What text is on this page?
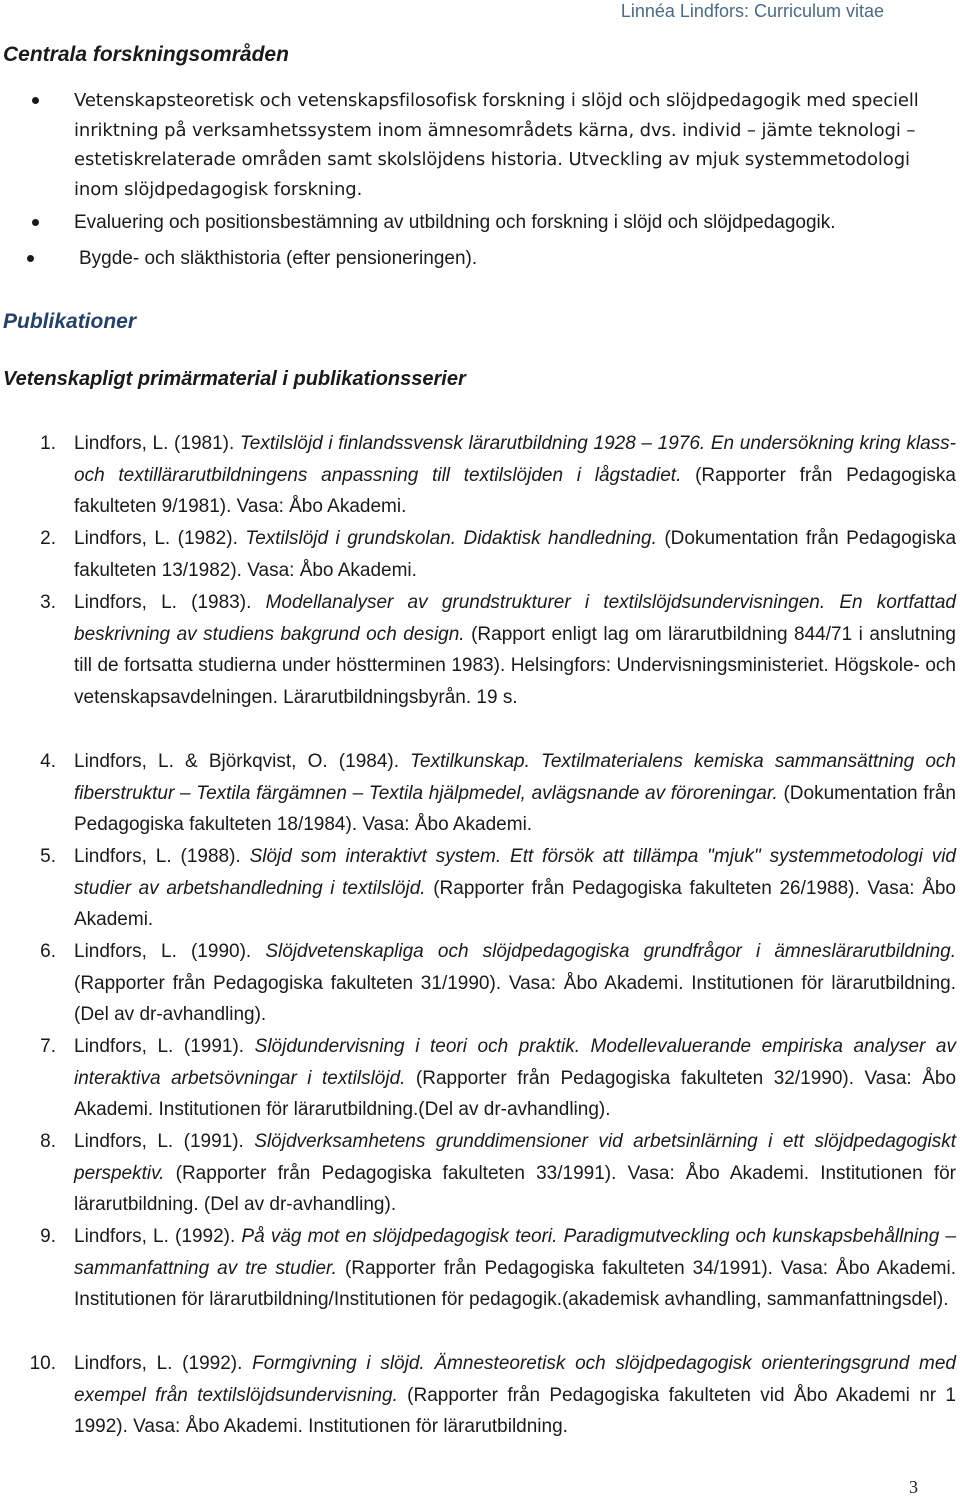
Linnéa Lindfors: Curriculum vitae
Centrala forskningsområden
Vetenskapsteoretisk och vetenskapsfilosofisk forskning i slöjd och slöjdpedagogik med speciell inriktning på verksamhetssystem inom ämnesområdets kärna, dvs. individ – jämte teknologi – estetiskrelaterade områden samt skolslöjdens historia. Utveckling av mjuk systemmetodologi inom slöjdpedagogisk forskning.
Evaluering och positionsbestämning av utbildning och forskning i slöjd och slöjdpedagogik.
Bygde- och släkthistoria (efter pensioneringen).
Publikationer
Vetenskapligt primärmaterial i publikationsserier
1. Lindfors, L. (1981). Textilslöjd i finlandssvensk lärarutbildning 1928 – 1976. En undersökning kring klass- och textillärarutbildningens anpassning till textilslöjden i lågstadiet. (Rapporter från Pedagogiska fakulteten 9/1981). Vasa: Åbo Akademi.
2. Lindfors, L. (1982). Textilslöjd i grundskolan. Didaktisk handledning. (Dokumentation från Pedagogiska fakulteten 13/1982). Vasa: Åbo Akademi.
3. Lindfors, L. (1983). Modellanalyser av grundstrukturer i textilslöjdsundervisningen. En kortfattad beskrivning av studiens bakgrund och design. (Rapport enligt lag om lärarutbildning 844/71 i anslutning till de fortsatta studierna under höstterminen 1983). Helsingfors: Undervisningsministeriet. Högskole- och vetenskapsavdelningen. Lärarutbildningsbyrån. 19 s.
4. Lindfors, L. & Björkqvist, O. (1984). Textilkunskap. Textilmaterialens kemiska sammansättning och fiberstruktur – Textila färgämnen – Textila hjälpmedel, avlägsnande av föroreningar. (Dokumentation från Pedagogiska fakulteten 18/1984). Vasa: Åbo Akademi.
5. Lindfors, L. (1988). Slöjd som interaktivt system. Ett försök att tillämpa "mjuk" systemmetodologi vid studier av arbetshandledning i textilslöjd. (Rapporter från Pedagogiska fakulteten 26/1988). Vasa: Åbo Akademi.
6. Lindfors, L. (1990). Slöjdvetenskapliga och slöjdpedagogiska grundfrågor i ämneslärarutbildning. (Rapporter från Pedagogiska fakulteten 31/1990). Vasa: Åbo Akademi. Institutionen för lärarutbildning. (Del av dr-avhandling).
7. Lindfors, L. (1991). Slöjdundervisning i teori och praktik. Modellevaluerande empiriska analyser av interaktiva arbetsövningar i textilslöjd. (Rapporter från Pedagogiska fakulteten 32/1990). Vasa: Åbo Akademi. Institutionen för lärarutbildning.(Del av dr-avhandling).
8. Lindfors, L. (1991). Slöjdverksamhetens grunddimensioner vid arbetsinlärning i ett slöjdpedagogiskt perspektiv. (Rapporter från Pedagogiska fakulteten 33/1991). Vasa: Åbo Akademi. Institutionen för lärarutbildning. (Del av dr-avhandling).
9. Lindfors, L. (1992). På väg mot en slöjdpedagogisk teori. Paradigmutveckling och kunskapsbehållning – sammanfattning av tre studier. (Rapporter från Pedagogiska fakulteten 34/1991). Vasa: Åbo Akademi. Institutionen för lärarutbildning/Institutionen för pedagogik.(akademisk avhandling, sammanfattningsdel).
10. Lindfors, L. (1992). Formgivning i slöjd. Ämnesteoretisk och slöjdpedagogisk orienteringsgrund med exempel från textilslöjdsundervisning. (Rapporter från Pedagogiska fakulteten vid Åbo Akademi nr 1 1992). Vasa: Åbo Akademi. Institutionen för lärarutbildning.
3
